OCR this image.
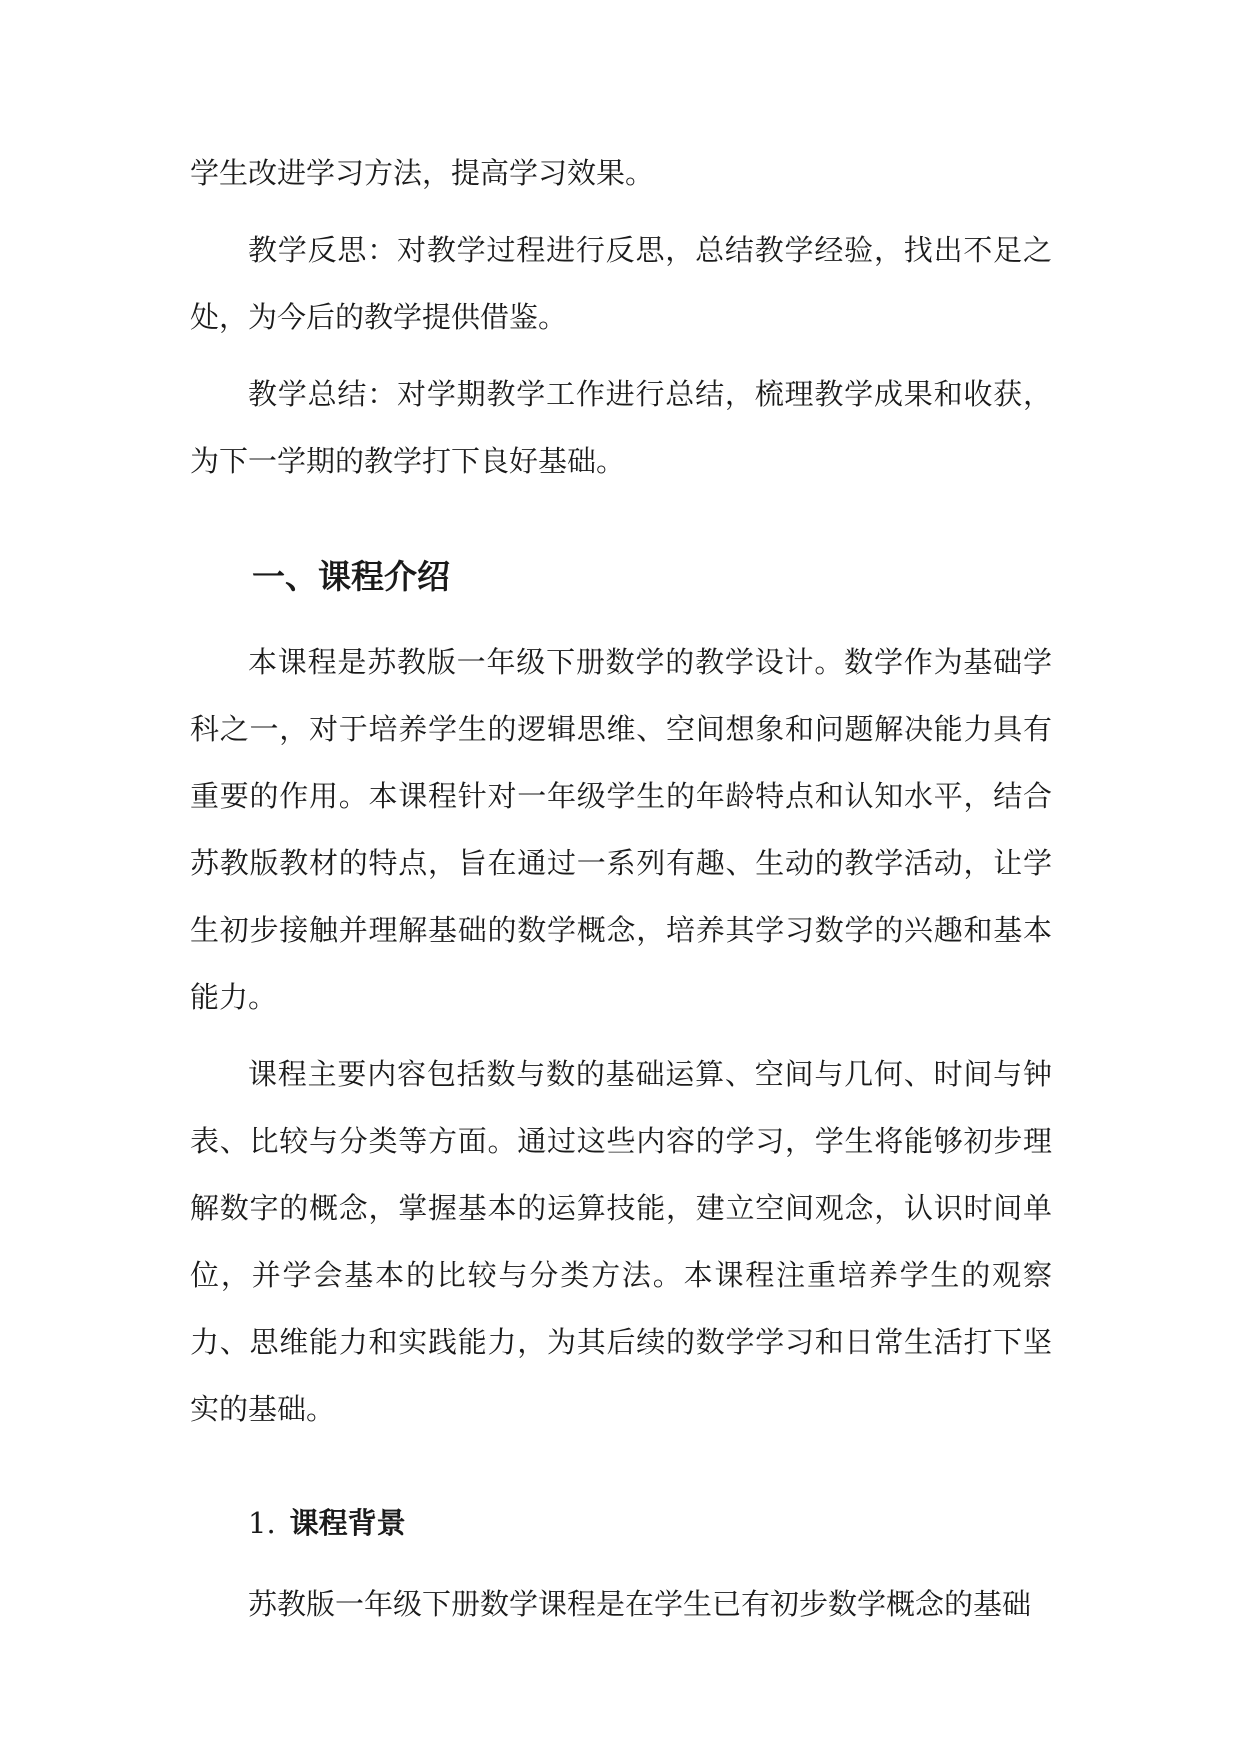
学生改进学习方法，提高学习效果。

教学反思：对教学过程进行反思，总结教学经验，找出不足之处，为今后的教学提供借鉴。

教学总结：对学期教学工作进行总结，梳理教学成果和收获，为下一学期的教学打下良好基础。

一、课程介绍

本课程是苏教版一年级下册数学的教学设计。数学作为基础学科之一，对于培养学生的逻辑思维、空间想象和问题解决能力具有重要的作用。本课程针对一年级学生的年龄特点和认知水平，结合苏教版教材的特点，旨在通过一系列有趣、生动的教学活动，让学生初步接触并理解基础的数学概念，培养其学习数学的兴趣和基本能力。

课程主要内容包括数与数的基础运算、空间与几何、时间与钟表、比较与分类等方面。通过这些内容的学习，学生将能够初步理解数字的概念，掌握基本的运算技能，建立空间观念，认识时间单位，并学会基本的比较与分类方法。本课程注重培养学生的观察力、思维能力和实践能力，为其后续的数学学习和日常生活打下坚实的基础。

1. 课程背景

苏教版一年级下册数学课程是在学生已有初步数学概念的基础
